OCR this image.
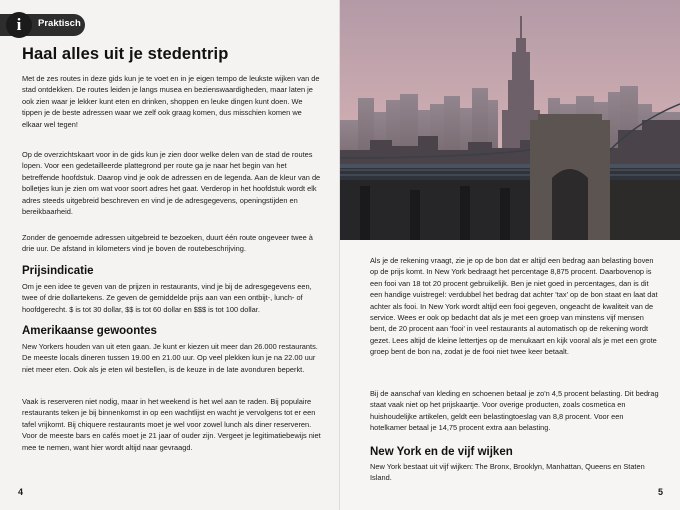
i	Praktisch
Haal alles uit je stedentrip
Met de zes routes in deze gids kun je te voet en in je eigen tempo de leukste wijken van de stad ontdekken. De routes leiden je langs musea en bezienswaardigheden, maar laten je ook zien waar je lekker kunt eten en drinken, shoppen en leuke dingen kunt doen. We tippen je de beste adressen waar we zelf ook graag komen, dus misschien komen we elkaar wel tegen!
Op de overzichtskaart voor in de gids kun je zien door welke delen van de stad de routes lopen. Voor een gedetailleerde plattegrond per route ga je naar het begin van het betreffende hoofdstuk. Daarop vind je ook de adressen en de legenda. Aan de kleur van de bolletjes kun je zien om wat voor soort adres het gaat. Verderop in het hoofdstuk wordt elk adres steeds uitgebreid beschreven en vind je de adresgegevens, openingstijden en bereikbaarheid.
Zonder de genoemde adressen uitgebreid te bezoeken, duurt één route ongeveer twee à drie uur. De afstand in kilometers vind je boven de routebeschrijving.
Prijsindicatie
Om je een idee te geven van de prijzen in restaurants, vind je bij de adresgegevens een, twee of drie dollartekens. Ze geven de gemiddelde prijs aan van een ontbijt-, lunch- of hoofdgerecht. $ is tot 30 dollar, $$ is tot 60 dollar en $$$ is tot 100 dollar.
Amerikaanse gewoontes
New Yorkers houden van uit eten gaan. Je kunt er kiezen uit meer dan 26.000 restaurants. De meeste locals dineren tussen 19.00 en 21.00 uur. Op veel plekken kun je na 22.00 uur niet meer eten. Ook als je eten wil bestellen, is de keuze in de late avonduren beperkt.
Vaak is reserveren niet nodig, maar in het weekend is het wel aan te raden. Bij populaire restaurants teken je bij binnenkomst in op een wachtlijst en wacht je vervolgens tot er een tafel vrijkomt. Bij chiquere restaurants moet je wel voor zowel lunch als diner reserveren. Voor de meeste bars en cafés moet je 21 jaar of ouder zijn. Vergeet je legitimatiebewijs niet mee te nemen, want hier wordt altijd naar gevraagd.
4
Als je de rekening vraagt, zie je op de bon dat er altijd een bedrag aan belasting boven op de prijs komt. In New York bedraagt het percentage 8,875 procent. Daarbovenop is een fooi van 18 tot 20 procent gebruikelijk. Ben je niet goed in percentages, dan is dit een handige vuistregel: verdubbel het bedrag dat achter 'tax' op de bon staat en laat dat achter als fooi. In New York wordt altijd een fooi gegeven, ongeacht de kwaliteit van de service. Wees er ook op bedacht dat als je met een groep van minstens vijf mensen bent, de 20 procent aan 'fooi' in veel restaurants al automatisch op de rekening wordt gezet. Lees altijd de kleine lettertjes op de menukaart en kijk vooral als je met een grote groep bent de bon na, zodat je de fooi niet twee keer betaalt.
Bij de aanschaf van kleding en schoenen betaal je zo'n 4,5 procent belasting. Dit bedrag staat vaak niet op het prijskaartje. Voor overige producten, zoals cosmetica en huishoudelijke artikelen, geldt een belastingtoeslag van 8,8 procent. Voor een hotelkamer betaal je 14,75 procent extra aan belasting.
New York en de vijf wijken
New York bestaat uit vijf wijken: The Bronx, Brooklyn, Manhattan, Queens en Staten Island.
5
